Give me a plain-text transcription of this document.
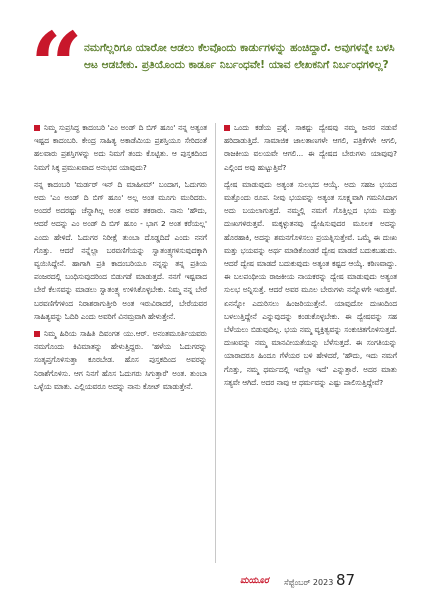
“ ನಮಗೆಲ್ಲರಿಗೂ ಯಾರೋ ಆಡಲು ಕೆಲವೊಂದು ಕಾರ್ಡುಗಳನ್ನು ಹಂಚಿದ್ದಾರೆ. ಅವುಗಳನ್ನೇ ಬಳಸಿ ಆಟ ಆಡಬೇಕು. ಪ್ರತಿಯೊಂದು ಕಾರ್ಡೂ ನಿರ್ಬಂಧವೇ! ಯಾವ ಲೇಖಕನಿಗೆ ನಿರ್ಬಂಧಗಳಿಲ್ಲ?

ನಿಮ್ಮ ಸುಪ್ರಸಿದ್ಧ ಕಾದಂಬರಿ 'ಎಂ ಅಂಡ್ ದಿ ಬಿಗ್ ಹೂಂ' ನನ್ನ ಅತ್ಯಂತ ಇಷ್ಟದ ಕಾದಂಬರಿ. ಕೇಂದ್ರ ಸಾಹಿತ್ಯ ಅಕಾಡೆಮಿಯ ಪ್ರಶಸ್ತಿಯೂ ಸೇರಿದಂತೆ ಹಲವಾರು ಪ್ರಶಸ್ತಿಗಳನ್ನು ಅದು ನಿಮಗೆ ತಂದು ಕೊಟ್ಟಿತು. ಆ ಪುಸ್ತಕದಿಂದ ನಿಮಗೆ ಸಿಕ್ಕ ಪ್ರಮುಖವಾದ ಅನುಭವ ಯಾವುದು?

ನನ್ನ ಕಾದಂಬರಿ 'ಮರ್ಡರ್ ಇನ್ ದಿ ಮಾಹೀಮ್' ಬಂದಾಗ, ಓದುಗರು ಅದು 'ಎಂ ಅಂಡ್ ದಿ ಬಿಗ್ ಹೂಂ' ಅಲ್ಲ ಅಂತ ಮೂಗು ಮುರಿದರು. ಅಂದರೆ ಅದರಷ್ಟು ಚೆನ್ನಾಗಿಲ್ಲ ಅಂತ ಅವರ ತಕರಾರು. ನಾನು 'ಹೌದು, ಆದರೆ ಅದನ್ನು ಎಂ ಅಂಡ್ ದಿ ಬಿಗ್ ಹೂಂ - ಭಾಗ 2 ಅಂತ ಕರೆಯಲ್ಲ' ಎಂದು ಹೇಳಿದೆ. ಓದುಗರ ನಿರೀಕ್ಷೆ ತುಂಬಾ ದೊಡ್ಡದಿದೆ ಎಂದು ನನಗೆ ಗೊತ್ತು. ಆದರೆ ನನ್ನೆಲ್ಲಾ ಬರವಣಿಗೆಯನ್ನು ಸ್ವಾತಂತ್ರ್ಯಗಳಿಸುವುದಕ್ಕಾಗಿ ವ್ಯಯಿಸಿದ್ದೇನೆ. ಹಾಗಾಗಿ ಪ್ರತಿ ಕಾದಂಬರಿಯೂ ನನ್ನನ್ನು ತನ್ನ ಪ್ರತಿಯ ಪಂಜರದಲ್ಲಿ ಬಂಧಿಸುವುದರಿಂದ ಬಿಡುಗಡೆ ಮಾಡುತ್ತದೆ. ನನಗೆ ಇಷ್ಟವಾದ ಬೇರೆ ಕೆಲಸವನ್ನು ಮಾಡಲು ಸ್ವಾತಂತ್ರ್ಯ ಉಳಿಸಿಕೊಳ್ಳಬೇಕು. ನಿಮ್ಮ ನನ್ನ ಬೇರೆ ಬರವಣಿಗೆಗಳಿಂದ ನಿರಾಶರಾಗುತ್ತೀರಿ ಅಂತ ಇರುವಿರಾದರೆ, ಬೇರೆಯವರ ಸಾಹಿತ್ಯವನ್ನು ಓದಿರಿ ಎಂದು ಅವರಿಗೆ ವಿನಮ್ರವಾಗಿ ಹೇಳುತ್ತೇನೆ.

ನಿಮ್ಮ ಹಿರಿಯ ಸಾಹಿತಿ ದಿವಂಗತ ಯು.ಆರ್. ಅನಂತಮೂರ್ತಿಯವರು ನಮಗೊಂದು ಕಿವಿಮಾತನ್ನು ಹೇಳುತ್ತಿದ್ದರು. 'ಹಳೆಯ ಓದುಗರನ್ನು ಸಂತೃಪ್ತಗೊಳಿಸುತ್ತಾ ಕೂರಬೇಡ. ಹೊಸ ಪುಸ್ತಕದಿಂದ ಅವರನ್ನು ನಿರಾಶೆಗೊಳಿಸು. ಆಗ ನಿನಗೆ ಹೊಸ ಓದುಗರು ಸಿಗುತ್ತಾರೆ' ಅಂತ. ತುಂಬಾ ಒಳ್ಳೆಯ ಮಾತು. ಎಲ್ಲಿಯವರೂ ಅದನ್ನು ನಾನು ಕೋಟ್ ಮಾಡುತ್ತೇನೆ.

ಒಂದು ಕಡೆಯ ಪ್ರಶ್ನೆ. ಸಾಕಷ್ಟು ದ್ವೇಷವು ನಮ್ಮ ಜನರ ನಡುವೆ ಹರಿದಾಡುತ್ತಿದೆ. ಸಾಮಾಜಿಕ ಜಾಲತಾಣಗಳೇ ಆಗಲಿ, ಪತ್ರಿಕೆಗಳೇ ಆಗಲಿ, ರಾಜಕೀಯ ವಲಯವೇ ಆಗಲಿ... ಈ ದ್ವೇಷದ ಬೇರುಗಳು ಯಾವುವು? ಎಲ್ಲಿಂದ ಅವು ಹುಟ್ಟುತ್ತಿವೆ?

ದ್ವೇಷ ಮಾಡುವುದು ಅತ್ಯಂತ ಸುಲಭದ ಆಯ್ಕೆ. ಅದು ಸಹಜ ಭಯದ ಮತ್ತೊಂದು ರೂಪ. ನೀವು ಭಯವನ್ನು ಅತ್ಯಂತ ಸೂಕ್ಷ್ಮವಾಗಿ ಗಮನಿಸಿದಾಗ ಅದು ಬಯಲಾಗುತ್ತದೆ. ನಮ್ಮಲ್ಲಿ ನಮಗೆ ಗೊತ್ತಿಲ್ಲದ ಭಯ ಮತ್ತು ದುಃಖಗಳಿರುತ್ತವೆ. ಮಕ್ಕಳ್ಳುತನವು ದ್ವೇಷಿಸುವುದರ ಮೂಲಕ ಅದನ್ನು ಹೊರಹಾಕಿ, ಅದನ್ನು ಶಮನಗೊಳಿಸಲು ಪ್ರಯತ್ನಿಸುತ್ತೇವೆ. ಒಮ್ಮೆ ಈ ದುಃಖ ಮತ್ತು ಭಯವನ್ನು ಅರ್ಥ ಮಾಡಿಕೊಂಡರೆ ದ್ವೇಷ ಮಾಡದೆ ಬದುಕಬಹುದು. ಆದರೆ ದ್ವೇಷ ಮಾಡದೆ ಬದುಕುವುದು ಅತ್ಯಂತ ಕಷ್ಟದ ಆಯ್ಕೆ. ಕಠಿಣವಾದ್ದು. ಈ ಬಲಪಂಥೀಯ ರಾಜಕೀಯ ನಾಯಕರನ್ನು ದ್ವೇಷ ಮಾಡುವುದು ಅತ್ಯಂತ ಸುಲಭ ಅನ್ನಿಸುತ್ತೆ. ಆದರೆ ಅವರ ಮೂಲ ಬೇರುಗಳು ನನ್ನೊಳಗೇ ಇರುತ್ತವೆ. ಏನನ್ನೋ ಎದುರಿಸಲು ಹಿಂಜರಿಯುತ್ತೇನೆ. ಯಾವುದೋ ದುಃಖದಿಂದ ಬಳಲುತ್ತಿದ್ದೇನೆ ಎನ್ನುವುದನ್ನು ಕಂಡುಕೊಳ್ಳಬೇಕು. ಈ ದ್ವೇಷವನ್ನು ಸಹ ಬೆಳೆಯಲು ಬಿಡುವುದಿಲ್ಲ. ಭಯ ನಮ್ಮ ವ್ಯಕ್ತಿತ್ವವನ್ನು ಸಂಕುಚಿತಗೊಳಿಸುತ್ತದೆ. ದುಃಖವನ್ನು ನಮ್ಮ ಮಾನವೀಯತೆಯನ್ನು ಬೆಳೆಸುತ್ತದೆ. ಈ ಸಂಗತಿಯನ್ನು ಯಾರಾದರೂ ಹಿಂದೂ ಗೆಳೆಯರ ಬಳಿ ಹೇಳಿದರೆ, 'ಹೌದು, ಇದು ನಮಗೆ ಗೊತ್ತು, ನಮ್ಮ ಧರ್ಮದಲ್ಲಿ ಇದೆಲ್ಲಾ ಇದೆ' ಎನ್ನುತ್ತಾರೆ. ಅದರ ಮಾತು ಸತ್ಯವೇ ಆಗಿದೆ. ಅದರ ನಾವು ಆ ಧರ್ಮವನ್ನು ಎಷ್ಟು ಪಾಲಿಸುತ್ತಿದ್ದೇವೆ?

ಮಯೂರ ಸೆಪ್ಟೆಂಬರ್ 2023 87
